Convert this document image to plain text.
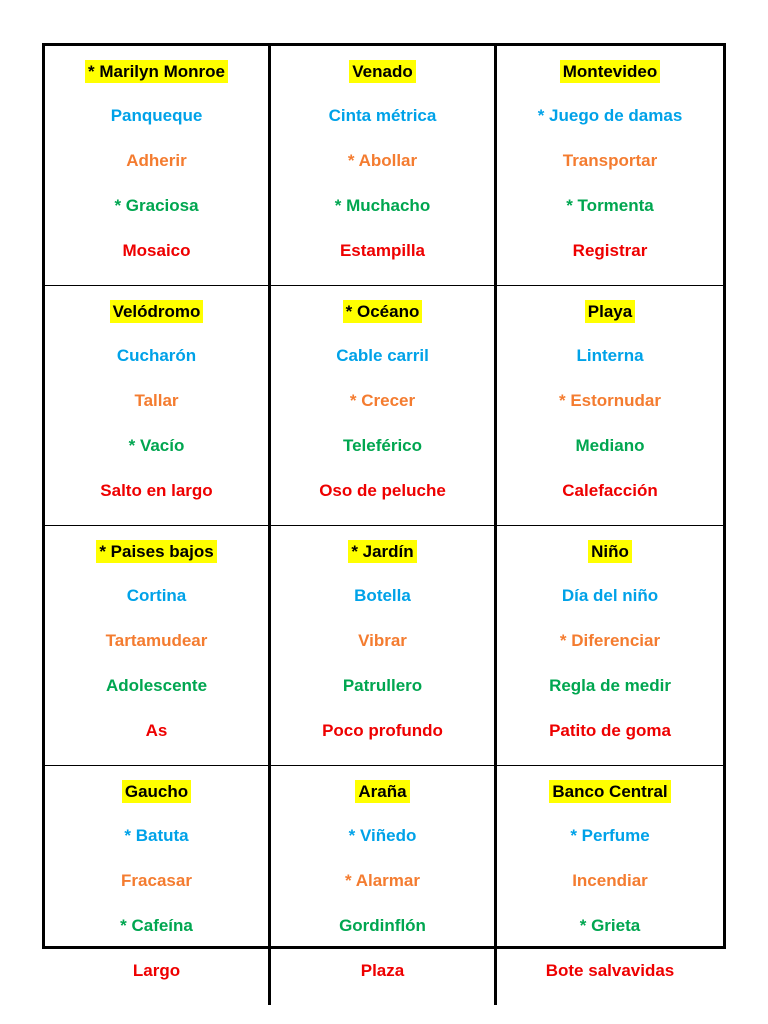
* Marilyn Monroe
Panqueque
Adherir
* Graciosa
Mosaico
Venado
Cinta métrica
* Abollar
* Muchacho
Estampilla
Montevideo
* Juego de damas
Transportar
* Tormenta
Registrar
Velódromo
Cucharón
Tallar
* Vacío
Salto en largo
* Océano
Cable carril
* Crecer
Teleférico
Oso de peluche
Playa
Linterna
* Estornudar
Mediano
Calefacción
* Paises bajos
Cortina
Tartamudear
Adolescente
As
* Jardín
Botella
Vibrar
Patrullero
Poco profundo
Niño
Día del niño
* Diferenciar
Regla de medir
Patito de goma
Gaucho
* Batuta
Fracasar
* Cafeína
Largo
Araña
* Viñedo
* Alarmar
Gordinflón
Plaza
Banco Central
* Perfume
Incendiar
* Grieta
Bote salvavidas
